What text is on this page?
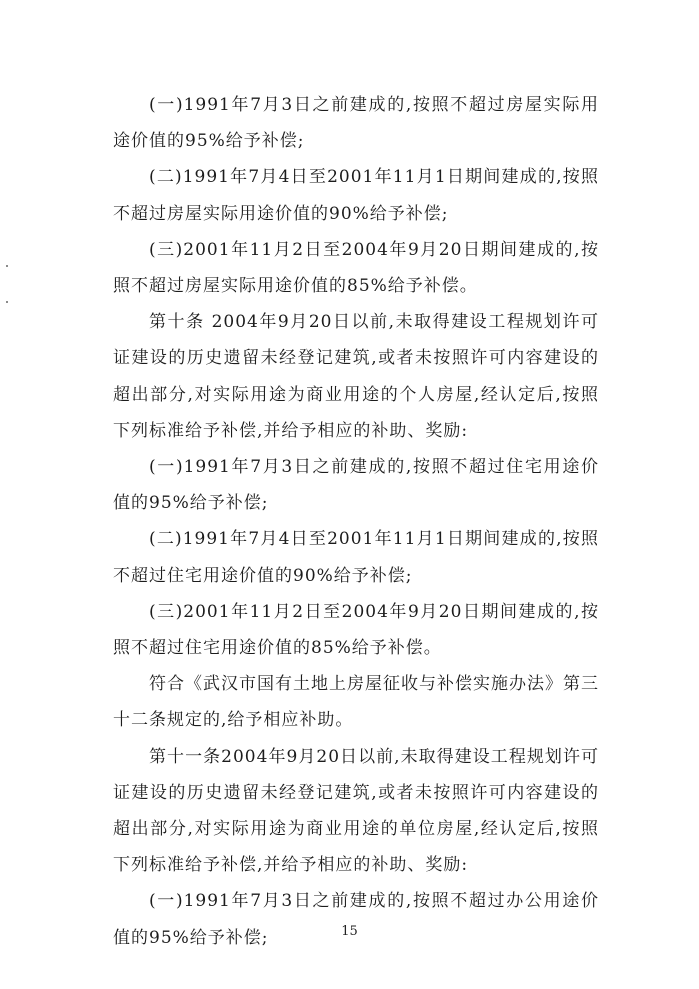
(一)1991年7月3日之前建成的,按照不超过房屋实际用途价值的95%给予补偿;

(二)1991年7月4日至2001年11月1日期间建成的,按照不超过房屋实际用途价值的90%给予补偿;

(三)2001年11月2日至2004年9月20日期间建成的,按照不超过房屋实际用途价值的85%给予补偿。

第十条 2004年9月20日以前,未取得建设工程规划许可证建设的历史遗留未经登记建筑,或者未按照许可内容建设的超出部分,对实际用途为商业用途的个人房屋,经认定后,按照下列标准给予补偿,并给予相应的补助、奖励:

(一)1991年7月3日之前建成的,按照不超过住宅用途价值的95%给予补偿;

(二)1991年7月4日至2001年11月1日期间建成的,按照不超过住宅用途价值的90%给予补偿;

(三)2001年11月2日至2004年9月20日期间建成的,按照不超过住宅用途价值的85%给予补偿。

符合《武汉市国有土地上房屋征收与补偿实施办法》第三十二条规定的,给予相应补助。

第十一条2004年9月20日以前,未取得建设工程规划许可证建设的历史遗留未经登记建筑,或者未按照许可内容建设的超出部分,对实际用途为商业用途的单位房屋,经认定后,按照下列标准给予补偿,并给予相应的补助、奖励:

(一)1991年7月3日之前建成的,按照不超过办公用途价值的95%给予补偿;	15
